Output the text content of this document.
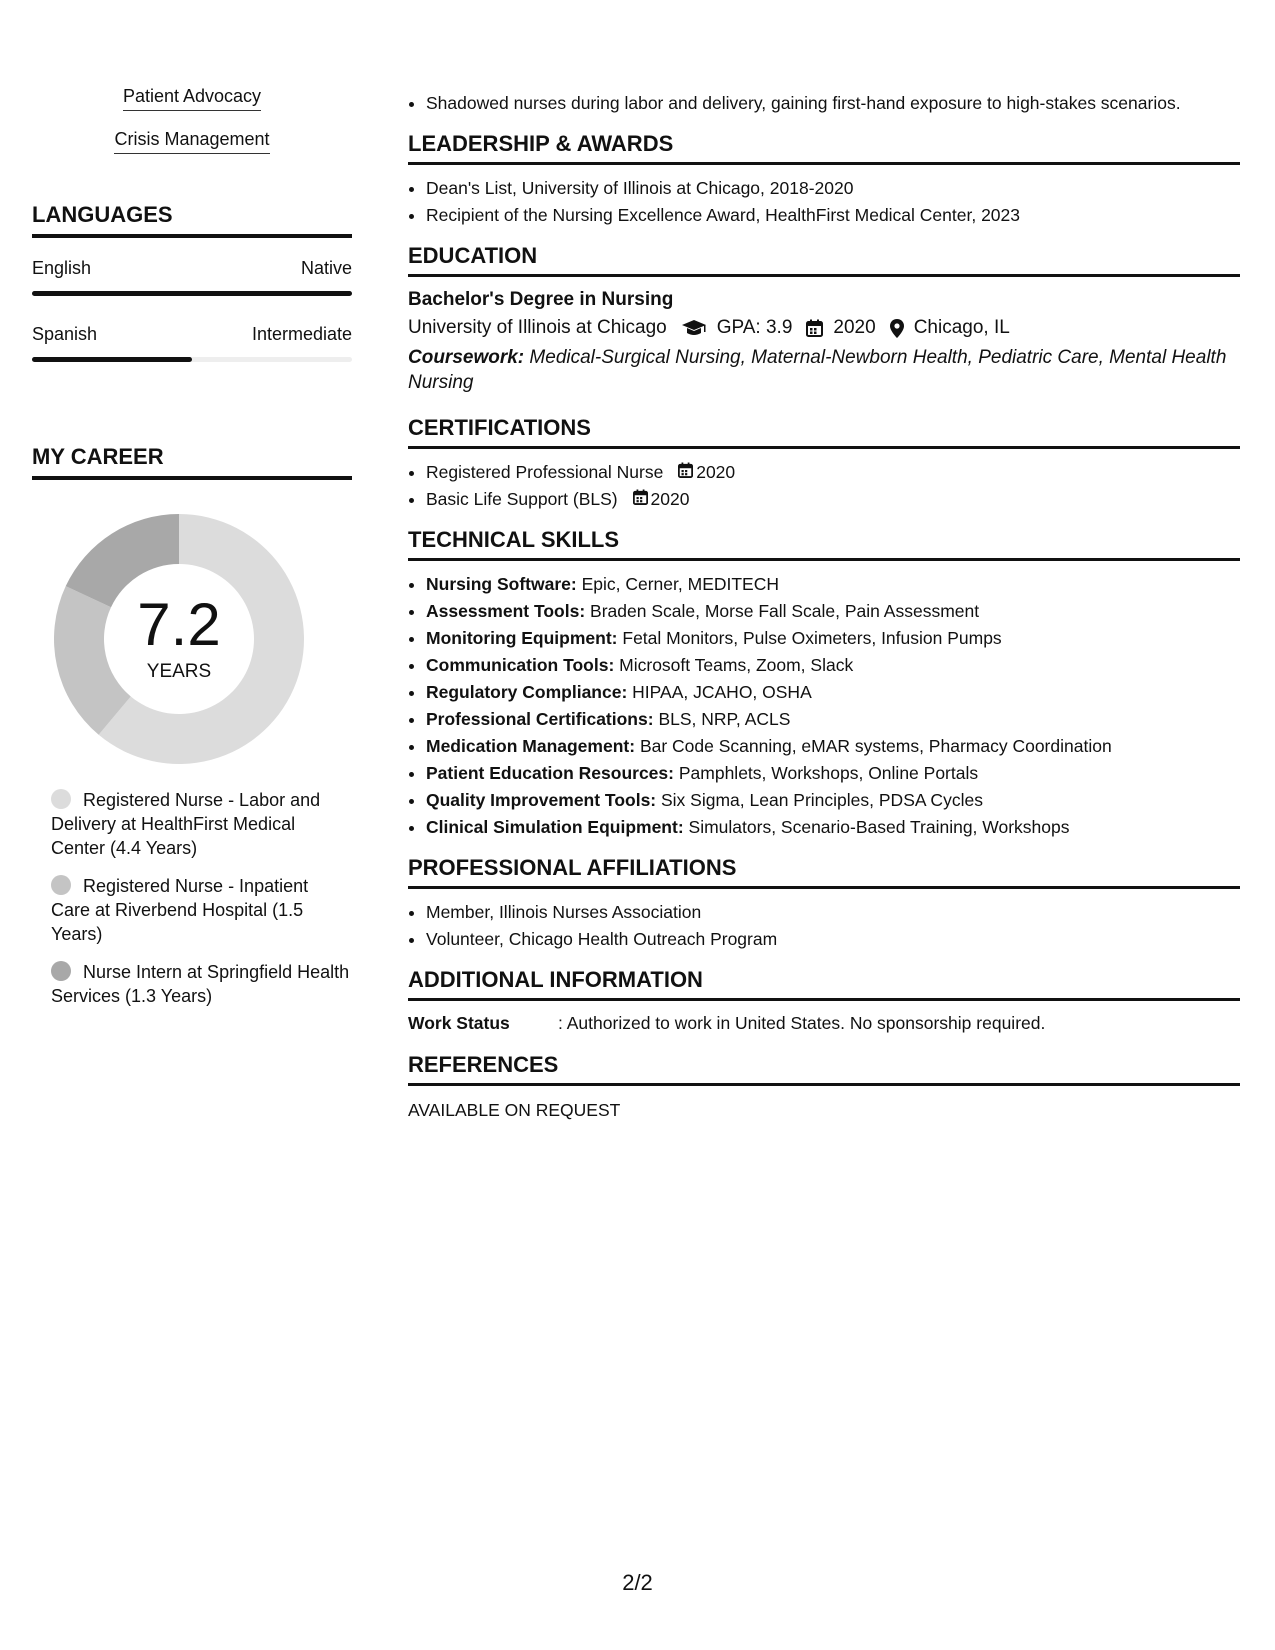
Patient Advocacy
Crisis Management
LANGUAGES
English	Native
Spanish	Intermediate
MY CAREER
7.2
YEARS
Registered Nurse - Labor and Delivery at HealthFirst Medical Center (4.4 Years)
Registered Nurse - Inpatient Care at Riverbend Hospital (1.5 Years)
Nurse Intern at Springfield Health Services (1.3 Years)
• Shadowed nurses during labor and delivery, gaining first-hand exposure to high-stakes scenarios.
LEADERSHIP & AWARDS
• Dean's List, University of Illinois at Chicago, 2018-2020
• Recipient of the Nursing Excellence Award, HealthFirst Medical Center, 2023
EDUCATION
Bachelor's Degree in Nursing
University of Illinois at Chicago	GPA: 3.9 2020 Chicago, IL
Coursework: Medical-Surgical Nursing, Maternal-Newborn Health, Pediatric Care, Mental Health Nursing
CERTIFICATIONS
• Registered Professional Nurse 2020
• Basic Life Support (BLS) 2020
TECHNICAL SKILLS
• Nursing Software: Epic, Cerner, MEDITECH
• Assessment Tools: Braden Scale, Morse Fall Scale, Pain Assessment
• Monitoring Equipment: Fetal Monitors, Pulse Oximeters, Infusion Pumps
• Communication Tools: Microsoft Teams, Zoom, Slack
• Regulatory Compliance: HIPAA, JCAHO, OSHA
• Professional Certifications: BLS, NRP, ACLS
• Medication Management: Bar Code Scanning, eMAR systems, Pharmacy Coordination
• Patient Education Resources: Pamphlets, Workshops, Online Portals
• Quality Improvement Tools: Six Sigma, Lean Principles, PDSA Cycles
• Clinical Simulation Equipment: Simulators, Scenario-Based Training, Workshops
PROFESSIONAL AFFILIATIONS
• Member, Illinois Nurses Association
• Volunteer, Chicago Health Outreach Program
ADDITIONAL INFORMATION
Work Status	: Authorized to work in United States. No sponsorship required.
REFERENCES
AVAILABLE ON REQUEST
2/2
